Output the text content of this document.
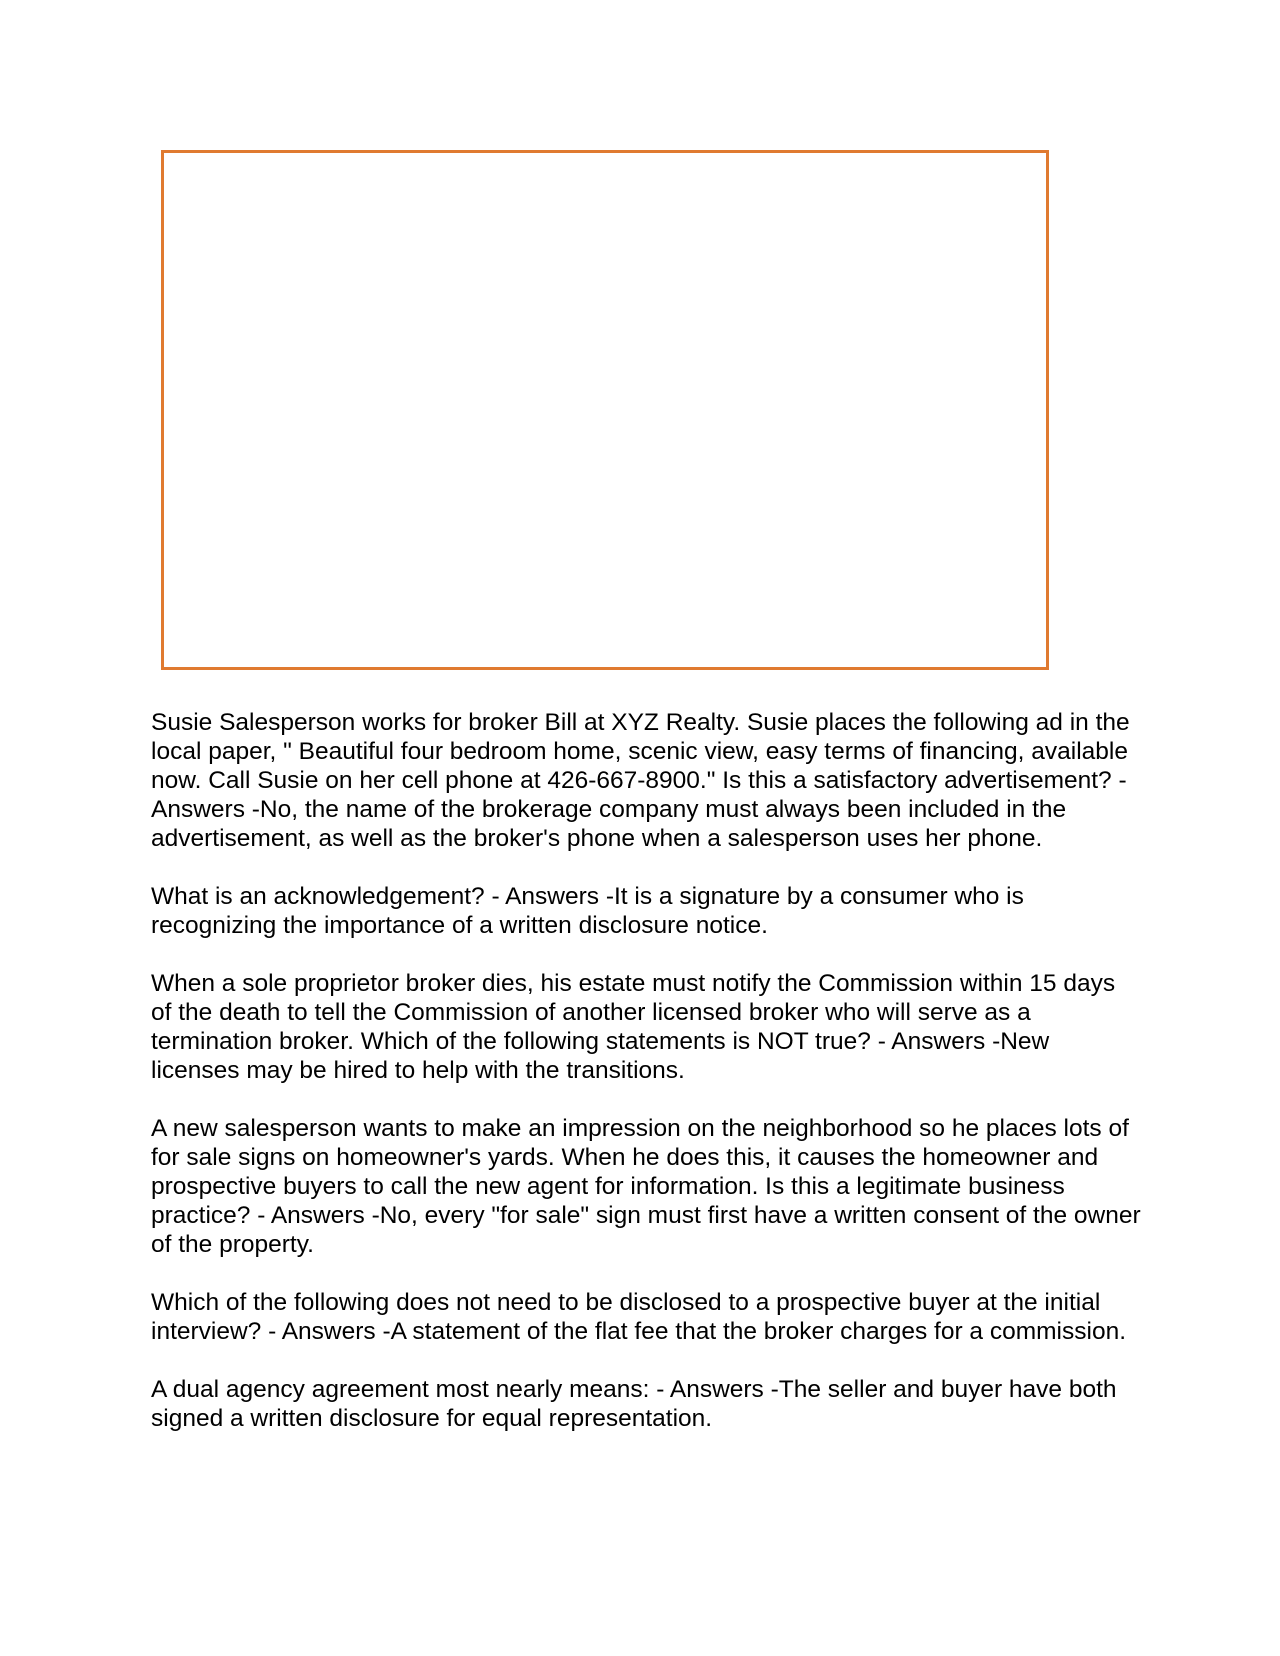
Susie Salesperson works for broker Bill at XYZ Realty. Susie places the following ad in the local paper, " Beautiful four bedroom home, scenic view, easy terms of financing, available now. Call Susie on her cell phone at 426-667-8900." Is this a satisfactory advertisement? - Answers -No, the name of the brokerage company must always been included in the advertisement, as well as the broker's phone when a salesperson uses her phone.

What is an acknowledgement? - Answers -It is a signature by a consumer who is recognizing the importance of a written disclosure notice.

When a sole proprietor broker dies, his estate must notify the Commission within 15 days of the death to tell the Commission of another licensed broker who will serve as a termination broker. Which of the following statements is NOT true? - Answers -New licenses may be hired to help with the transitions.

A new salesperson wants to make an impression on the neighborhood so he places lots of for sale signs on homeowner's yards. When he does this, it causes the homeowner and prospective buyers to call the new agent for information. Is this a legitimate business practice? - Answers -No, every "for sale" sign must first have a written consent of the owner of the property.

Which of the following does not need to be disclosed to a prospective buyer at the initial interview? - Answers -A statement of the flat fee that the broker charges for a commission.

A dual agency agreement most nearly means: - Answers -The seller and buyer have both signed a written disclosure for equal representation.
